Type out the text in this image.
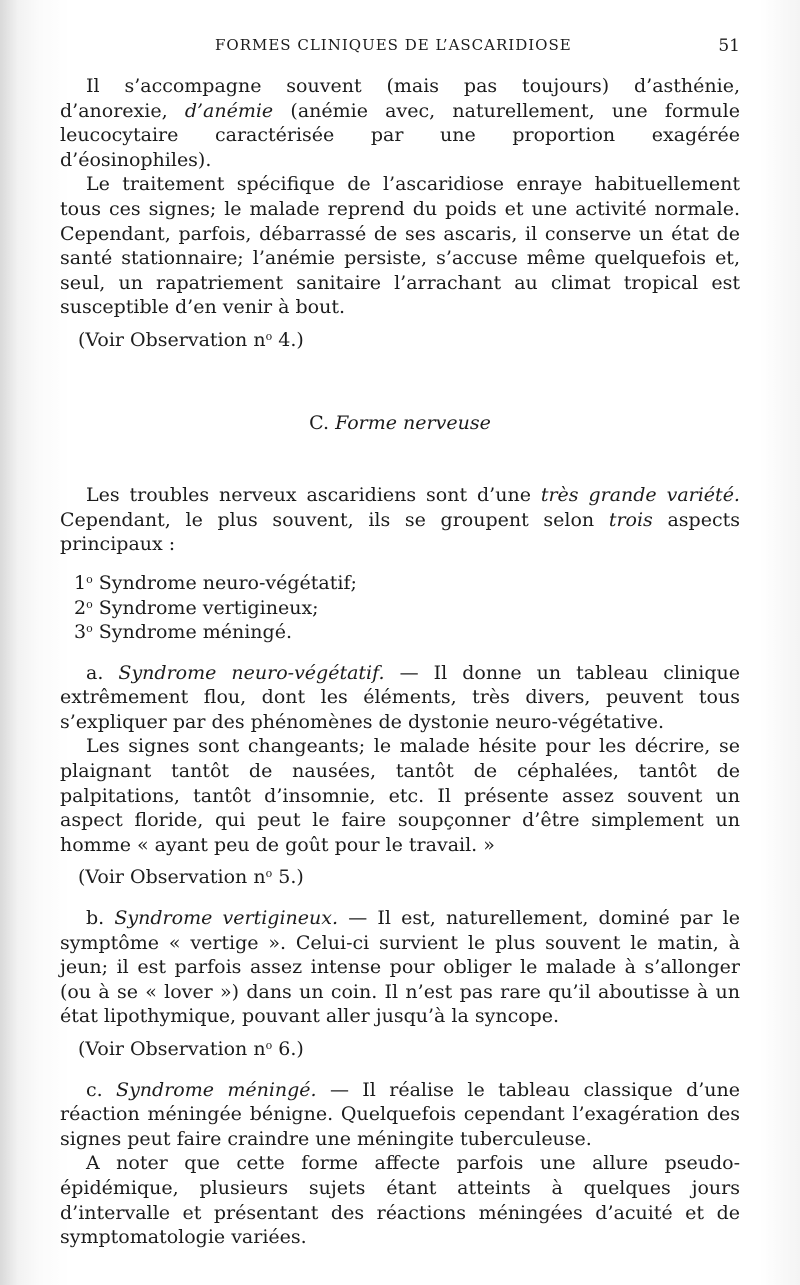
FORMES CLINIQUES DE L’ASCARIDIOSE	51

Il s’accompagne souvent (mais pas toujours) d’asthénie, d’anorexie, d’anémie (anémie avec, naturellement, une formule leucocytaire caractérisée par une proportion exagérée d’éosinophiles).

Le traitement spécifique de l’ascaridiose enraye habituellement tous ces signes; le malade reprend du poids et une activité normale. Cependant, parfois, débarrassé de ses ascaris, il conserve un état de santé stationnaire; l’anémie persiste, s’accuse même quelquefois et, seul, un rapatriement sanitaire l’arrachant au climat tropical est susceptible d’en venir à bout.

(Voir Observation $n^o$ 4.)

C. Forme nerveuse

Les troubles nerveux ascaridiens sont d’une très grande variété. Cependant, le plus souvent, ils se groupent selon trois aspects principaux :

1$^o$ Syndrome neuro-végétatif;
2$^o$ Syndrome vertigineux;
3$^o$ Syndrome méningé.

a. Syndrome neuro-végétatif. — Il donne un tableau clinique extrêmement flou, dont les éléments, très divers, peuvent tous s’expliquer par des phénomènes de dystonie neuro-végétative.

Les signes sont changeants; le malade hésite pour les décrire, se plaignant tantôt de nausées, tantôt de céphalées, tantôt de palpitations, tantôt d’insomnie, etc. Il présente assez souvent un aspect floride, qui peut le faire soupçonner d’être simplement un homme « ayant peu de goût pour le travail. »

(Voir Observation $n^o$ 5.)

b. Syndrome vertigineux. — Il est, naturellement, dominé par le symptôme « vertige ». Celui-ci survient le plus souvent le matin, à jeun; il est parfois assez intense pour obliger le malade à s’allonger (ou à se « lover ») dans un coin. Il n’est pas rare qu’il aboutisse à un état lipothymique, pouvant aller jusqu’à la syncope.

(Voir Observation $n^o$ 6.)

c. Syndrome méningé. — Il réalise le tableau classique d’une réaction méningée bénigne. Quelquefois cependant l’exagération des signes peut faire craindre une méningite tuberculeuse.

A noter que cette forme affecte parfois une allure pseudo-épidémique, plusieurs sujets étant atteints à quelques jours d’intervalle et présentant des réactions méningées d’acuité et de symptomatologie variées.
